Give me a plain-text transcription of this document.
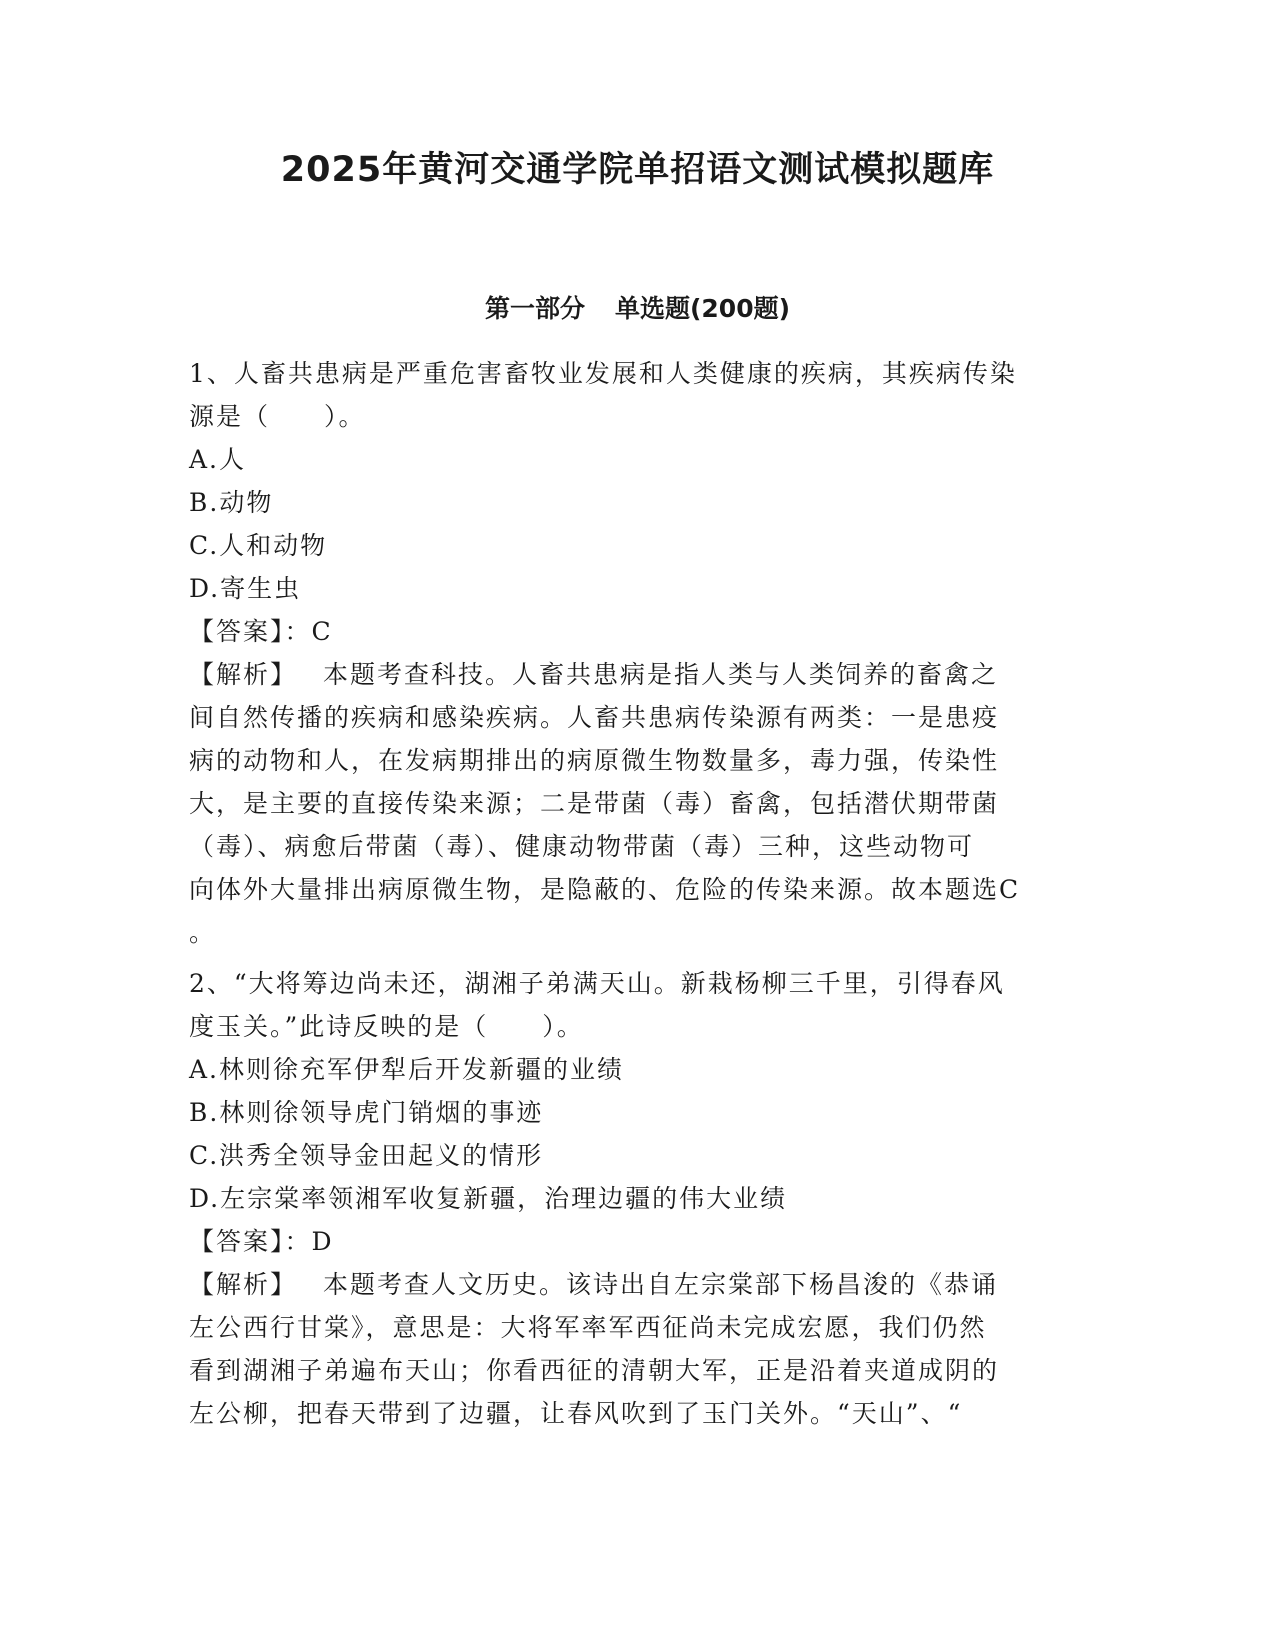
2025年黄河交通学院单招语文测试模拟题库
第一部分 单选题(200题)

1、人畜共患病是严重危害畜牧业发展和人类健康的疾病，其疾病传染

源是（　　）。

A.人

B.动物

C.人和动物

D.寄生虫

【答案】：C

【解析】 本题考查科技。人畜共患病是指人类与人类饲养的畜禽之

间自然传播的疾病和感染疾病。人畜共患病传染源有两类：一是患疫

病的动物和人，在发病期排出的病原微生物数量多，毒力强，传染性

大，是主要的直接传染来源；二是带菌（毒）畜禽，包括潜伏期带菌

（毒）、病愈后带菌（毒）、健康动物带菌（毒）三种，这些动物可

向体外大量排出病原微生物，是隐蔽的、危险的传染来源。故本题选C

。

2、“大将筹边尚未还，湖湘子弟满天山。新栽杨柳三千里，引得春风

度玉关。”此诗反映的是（　　）。

A.林则徐充军伊犁后开发新疆的业绩

B.林则徐领导虎门销烟的事迹

C.洪秀全领导金田起义的情形

D.左宗棠率领湘军收复新疆，治理边疆的伟大业绩

【答案】：D

【解析】 本题考查人文历史。该诗出自左宗棠部下杨昌浚的《恭诵

左公西行甘棠》，意思是：大将军率军西征尚未完成宏愿，我们仍然

看到湖湘子弟遍布天山；你看西征的清朝大军，正是沿着夹道成阴的

左公柳，把春天带到了边疆，让春风吹到了玉门关外。“天山”、“
